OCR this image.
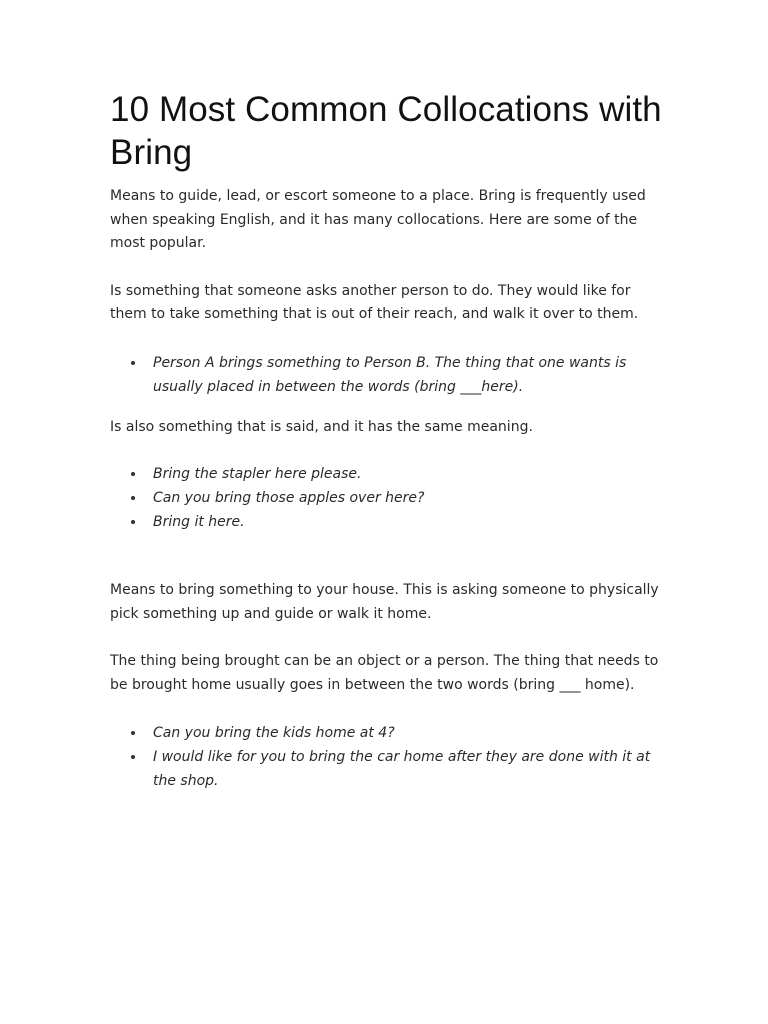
10 Most Common Collocations with Bring

Means to guide, lead, or escort someone to a place. Bring is frequently used when speaking English, and it has many collocations. Here are some of the most popular.

Is something that someone asks another person to do. They would like for them to take something that is out of their reach, and walk it over to them.

Person A brings something to Person B. The thing that one wants is usually placed in between the words (bring ___here).

Is also something that is said, and it has the same meaning.

Bring the stapler here please.
Can you bring those apples over here?
Bring it here.

Means to bring something to your house. This is asking someone to physically pick something up and guide or walk it home.

The thing being brought can be an object or a person. The thing that needs to be brought home usually goes in between the two words (bring ___ home).

Can you bring the kids home at 4?
I would like for you to bring the car home after they are done with it at the shop.
